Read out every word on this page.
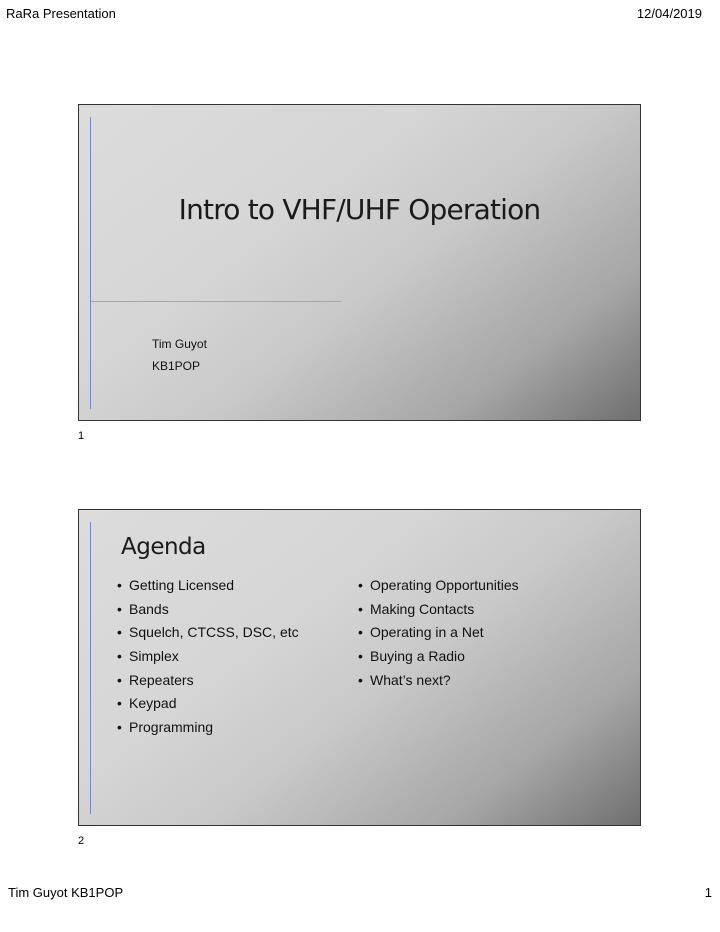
RaRa Presentation	12/04/2019
Intro to VHF/UHF Operation
Tim Guyot
KB1POP
1
Agenda
• Getting Licensed
• Bands
• Squelch, CTCSS, DSC, etc
• Simplex
• Repeaters
• Keypad
• Programming
• Operating Opportunities
• Making Contacts
• Operating in a Net
• Buying a Radio
• What’s next?
2
Tim Guyot KB1POP	1
